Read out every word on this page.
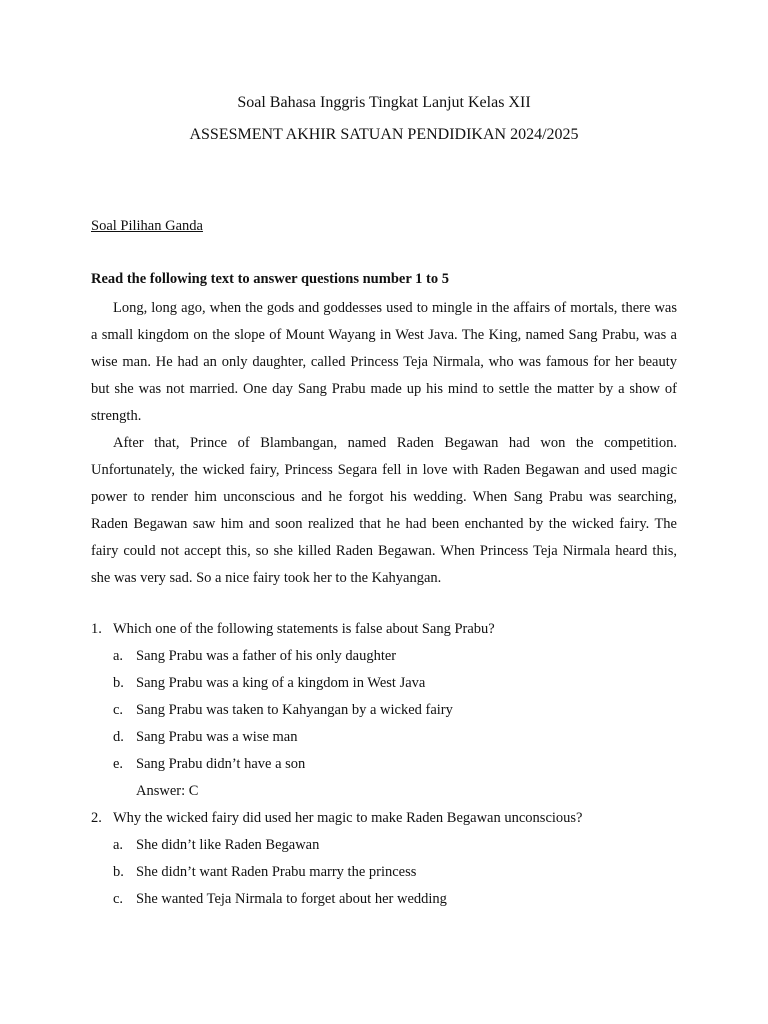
Soal Bahasa Inggris Tingkat Lanjut Kelas XII
ASSESMENT AKHIR SATUAN PENDIDIKAN 2024/2025
Soal Pilihan Ganda
Read the following text to answer questions number 1 to 5

Long, long ago, when the gods and goddesses used to mingle in the affairs of mortals, there was a small kingdom on the slope of Mount Wayang in West Java. The King, named Sang Prabu, was a wise man. He had an only daughter, called Princess Teja Nirmala, who was famous for her beauty but she was not married. One day Sang Prabu made up his mind to settle the matter by a show of strength.

After that, Prince of Blambangan, named Raden Begawan had won the competition. Unfortunately, the wicked fairy, Princess Segara fell in love with Raden Begawan and used magic power to render him unconscious and he forgot his wedding. When Sang Prabu was searching, Raden Begawan saw him and soon realized that he had been enchanted by the wicked fairy. The fairy could not accept this, so she killed Raden Begawan. When Princess Teja Nirmala heard this, she was very sad. So a nice fairy took her to the Kahyangan.

1. Which one of the following statements is false about Sang Prabu?
a. Sang Prabu was a father of his only daughter
b. Sang Prabu was a king of a kingdom in West Java
c. Sang Prabu was taken to Kahyangan by a wicked fairy
d. Sang Prabu was a wise man
e. Sang Prabu didn’t have a son
Answer: C
2. Why the wicked fairy did used her magic to make Raden Begawan unconscious?
a. She didn’t like Raden Begawan
b. She didn’t want Raden Prabu marry the princess
c. She wanted Teja Nirmala to forget about her wedding
